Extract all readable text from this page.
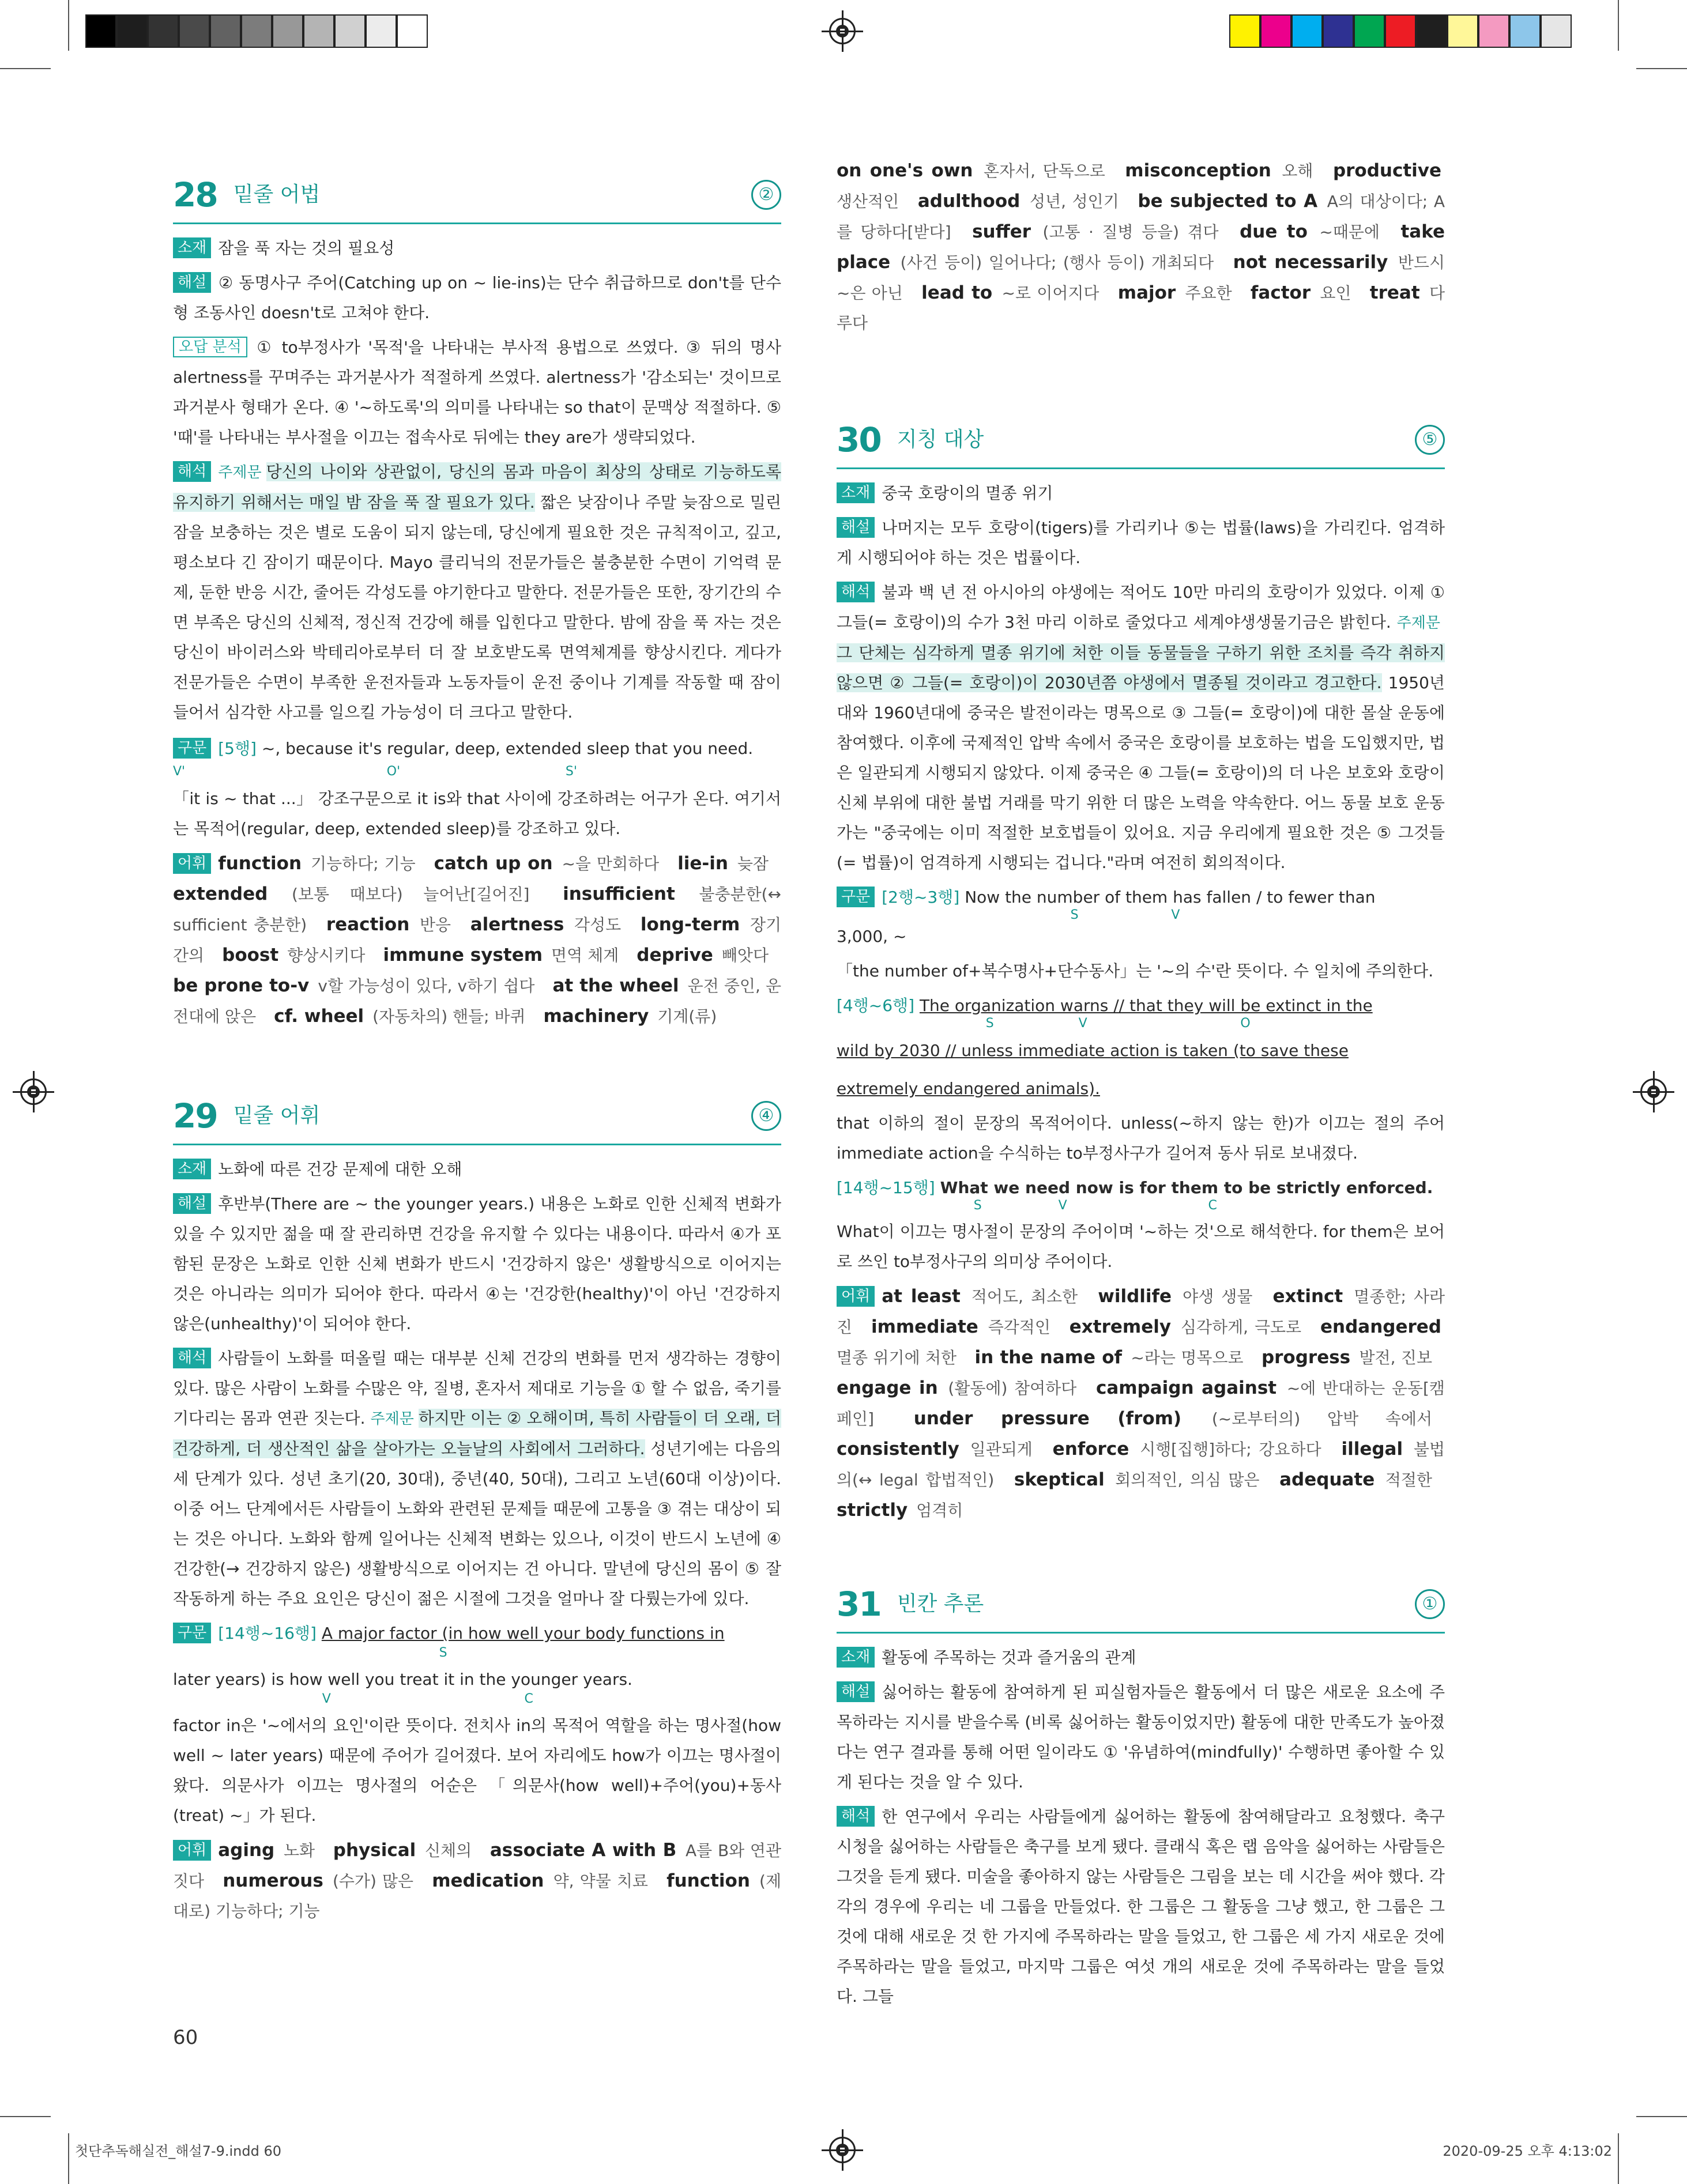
28 밑줄 어법	②

소재 잠을 푹 자는 것의 필요성

해설 ② 동명사구 주어(Catching up on ~ lie-ins)는 단수 취급하므로 don't를 단수형 조동사인 doesn't로 고쳐야 한다.

오답 분석 ① to부정사가 '목적'을 나타내는 부사적 용법으로 쓰였다. ③ 뒤의 명사 alertness를 꾸며주는 과거분사가 적절하게 쓰였다. alertness가 '감소되는' 것이므로 과거분사 형태가 온다. ④ '~하도록'의 의미를 나타내는 so that이 문맥상 적절하다. ⑤ '때'를 나타내는 부사절을 이끄는 접속사로 뒤에는 they are가 생략되었다.

해석 주제문 당신의 나이와 상관없이, 당신의 몸과 마음이 최상의 상태로 기능하도록 유지하기 위해서는 매일 밤 잠을 푹 잘 필요가 있다. 짧은 낮잠이나 주말 늦잠으로 밀린 잠을 보충하는 것은 별로 도움이 되지 않는데, 당신에게 필요한 것은 규칙적이고, 깊고, 평소보다 긴 잠이기 때문이다. Mayo 클리닉의 전문가들은 불충분한 수면이 기억력 문제, 둔한 반응 시간, 줄어든 각성도를 야기한다고 말한다. 전문가들은 또한, 장기간의 수면 부족은 당신의 신체적, 정신적 건강에 해를 입힌다고 말한다. 밤에 잠을 푹 자는 것은 당신이 바이러스와 박테리아로부터 더 잘 보호받도록 면역체계를 향상시킨다. 게다가 전문가들은 수면이 부족한 운전자들과 노동자들이 운전 중이나 기계를 작동할 때 잠이 들어서 심각한 사고를 일으킬 가능성이 더 크다고 말한다.

구문 [5행] ~, because it's regular, deep, extended sleep that you need.

V'	O'	S'

「it is ~ that ...」 강조구문으로 it is와 that 사이에 강조하려는 어구가 온다. 여기서는 목적어(regular, deep, extended sleep)를 강조하고 있다.

어휘 function 기능하다; 기능 catch up on ~을 만회하다 lie-in 늦잠 extended (보통 때보다) 늘어난[길어진] insufficient 불충분한(↔ sufficient 충분한) reaction 반응 alertness 각성도 long-term 장기간의 boost 향상시키다 immune system 면역 체계 deprive 빼앗다 be prone to-v v할 가능성이 있다, v하기 쉽다 at the wheel 운전 중인, 운전대에 앉은 cf. wheel (자동차의) 핸들; 바퀴 machinery 기계(류)

29 밑줄 어휘	④

소재 노화에 따른 건강 문제에 대한 오해

해설 후반부(There are ~ the younger years.) 내용은 노화로 인한 신체적 변화가 있을 수 있지만 젊을 때 잘 관리하면 건강을 유지할 수 있다는 내용이다. 따라서 ④가 포함된 문장은 노화로 인한 신체 변화가 반드시 '건강하지 않은' 생활방식으로 이어지는 것은 아니라는 의미가 되어야 한다. 따라서 ④는 '건강한(healthy)'이 아닌 '건강하지 않은(unhealthy)'이 되어야 한다.

해석 사람들이 노화를 떠올릴 때는 대부분 신체 건강의 변화를 먼저 생각하는 경향이 있다. 많은 사람이 노화를 수많은 약, 질병, 혼자서 제대로 기능을 ① 할 수 없음, 죽기를 기다리는 몸과 연관 짓는다. 주제문 하지만 이는 ② 오해이며, 특히 사람들이 더 오래, 더 건강하게, 더 생산적인 삶을 살아가는 오늘날의 사회에서 그러하다. 성년기에는 다음의 세 단계가 있다. 성년 초기(20, 30대), 중년(40, 50대), 그리고 노년(60대 이상)이다. 이중 어느 단계에서든 사람들이 노화와 관련된 문제들 때문에 고통을 ③ 겪는 대상이 되는 것은 아니다. 노화와 함께 일어나는 신체적 변화는 있으나, 이것이 반드시 노년에 ④ 건강한(→ 건강하지 않은) 생활방식으로 이어지는 건 아니다. 말년에 당신의 몸이 ⑤ 잘 작동하게 하는 주요 요인은 당신이 젊은 시절에 그것을 얼마나 잘 다뤘는가에 있다.

구문 [14행~16행] A major factor (in how well your body functions in

S

later years) is how well you treat it in the younger years.

V	C

factor in은 '~에서의 요인'이란 뜻이다. 전치사 in의 목적어 역할을 하는 명사절(how well ~ later years) 때문에 주어가 길어졌다. 보어 자리에도 how가 이끄는 명사절이 왔다. 의문사가 이끄는 명사절의 어순은 「의문사(how well)+주어(you)+동사(treat) ~」가 된다.

어휘 aging 노화 physical 신체의 associate A with B A를 B와 연관 짓다 numerous (수가) 많은 medication 약, 약물 치료 function (제대로) 기능하다; 기능

on one's own 혼자서, 단독으로 misconception 오해 productive 생산적인 adulthood 성년, 성인기 be subjected to A A의 대상이다; A를 당하다[받다] suffer (고통 · 질병 등을) 겪다 due to ~때문에 take place (사건 등이) 일어나다; (행사 등이) 개최되다 not necessarily 반드시 ~은 아닌 lead to ~로 이어지다 major 주요한 factor 요인 treat 다루다

30 지칭 대상	⑤

소재 중국 호랑이의 멸종 위기

해설 나머지는 모두 호랑이(tigers)를 가리키나 ⑤는 법률(laws)을 가리킨다. 엄격하게 시행되어야 하는 것은 법률이다.

해석 불과 백 년 전 아시아의 야생에는 적어도 10만 마리의 호랑이가 있었다. 이제 ① 그들(= 호랑이)의 수가 3천 마리 이하로 줄었다고 세계야생생물기금은 밝힌다. 주제문그 단체는 심각하게 멸종 위기에 처한 이들 동물들을 구하기 위한 조치를 즉각 취하지 않으면 ② 그들(= 호랑이)이 2030년쯤 야생에서 멸종될 것이라고 경고한다. 1950년대와 1960년대에 중국은 발전이라는 명목으로 ③ 그들(= 호랑이)에 대한 몰살 운동에 참여했다. 이후에 국제적인 압박 속에서 중국은 호랑이를 보호하는 법을 도입했지만, 법은 일관되게 시행되지 않았다. 이제 중국은 ④ 그들(= 호랑이)의 더 나은 보호와 호랑이 신체 부위에 대한 불법 거래를 막기 위한 더 많은 노력을 약속한다. 어느 동물 보호 운동가는 "중국에는 이미 적절한 보호법들이 있어요. 지금 우리에게 필요한 것은 ⑤ 그것들(= 법률)이 엄격하게 시행되는 겁니다."라며 여전히 회의적이다.

구문 [2행~3행] Now the number of them has fallen / to fewer than

S	V

3,000, ~

「the number of+복수명사+단수동사」는 '~의 수'란 뜻이다. 수 일치에 주의한다.

[4행~6행] The organization warns // that they will be extinct in the

S	V	O

wild by 2030 // unless immediate action is taken (to save these

extremely endangered animals).

that 이하의 절이 문장의 목적어이다. unless(~하지 않는 한)가 이끄는 절의 주어 immediate action을 수식하는 to부정사구가 길어져 동사 뒤로 보내졌다.

[14행~15행] What we need now is for them to be strictly enforced.

S	V	C

What이 이끄는 명사절이 문장의 주어이며 '~하는 것'으로 해석한다. for them은 보어로 쓰인 to부정사구의 의미상 주어이다.

어휘 at least 적어도, 최소한 wildlife 야생 생물 extinct 멸종한; 사라진 immediate 즉각적인 extremely 심각하게, 극도로 endangered 멸종 위기에 처한 in the name of ~라는 명목으로 progress 발전, 진보 engage in (활동에) 참여하다 campaign against ~에 반대하는 운동[캠페인] under pressure (from) (~로부터의) 압박 속에서 consistently 일관되게 enforce 시행[집행]하다; 강요하다 illegal 불법의(↔ legal 합법적인) skeptical 회의적인, 의심 많은 adequate 적절한 strictly 엄격히

31 빈칸 추론	①

소재 활동에 주목하는 것과 즐거움의 관계

해설 싫어하는 활동에 참여하게 된 피실험자들은 활동에서 더 많은 새로운 요소에 주목하라는 지시를 받을수록 (비록 싫어하는 활동이었지만) 활동에 대한 만족도가 높아졌다는 연구 결과를 통해 어떤 일이라도 ① '유념하여(mindfully)' 수행하면 좋아할 수 있게 된다는 것을 알 수 있다.

해석 한 연구에서 우리는 사람들에게 싫어하는 활동에 참여해달라고 요청했다. 축구 시청을 싫어하는 사람들은 축구를 보게 됐다. 클래식 혹은 랩 음악을 싫어하는 사람들은 그것을 듣게 됐다. 미술을 좋아하지 않는 사람들은 그림을 보는 데 시간을 써야 했다. 각각의 경우에 우리는 네 그룹을 만들었다. 한 그룹은 그 활동을 그냥 했고, 한 그룹은 그것에 대해 새로운 것 한 가지에 주목하라는 말을 들었고, 한 그룹은 세 가지 새로운 것에 주목하라는 말을 들었고, 마지막 그룹은 여섯 개의 새로운 것에 주목하라는 말을 들었다. 그들

60
첫단추독해실전_해설7-9.indd 60	2020-09-25 오후 4:13:02
